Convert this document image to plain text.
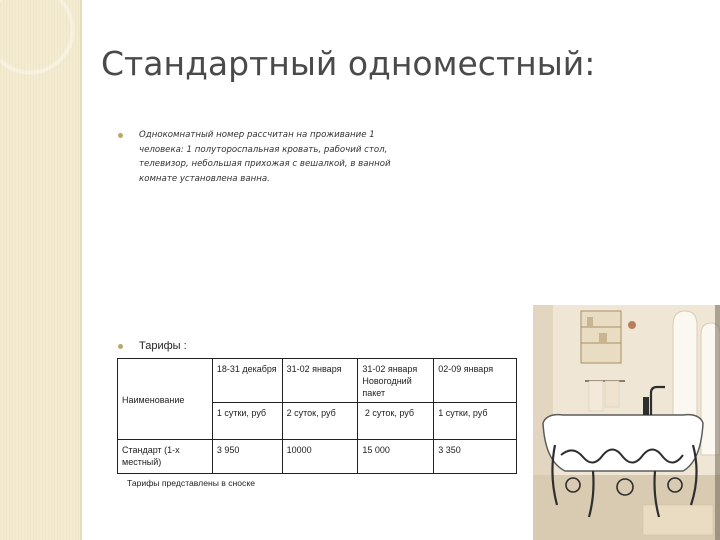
Стандартный одноместный:
Однокомнатный номер рассчитан на проживание 1 человека: 1 полутороспальная кровать, рабочий стол, телевизор, небольшая прихожая с вешалкой, в ванной комнате установлена ванна.
Тарифы :
Наименование	18-31 декабря	31-02 января	31-02 января Новогодний пакет	02-09 января
	1 сутки, руб	2 суток, руб	2 суток, руб	1 сутки, руб
Стандарт (1-х местный)	3 950	10000	15 000	3 350
Тарифы представлены в сноске
